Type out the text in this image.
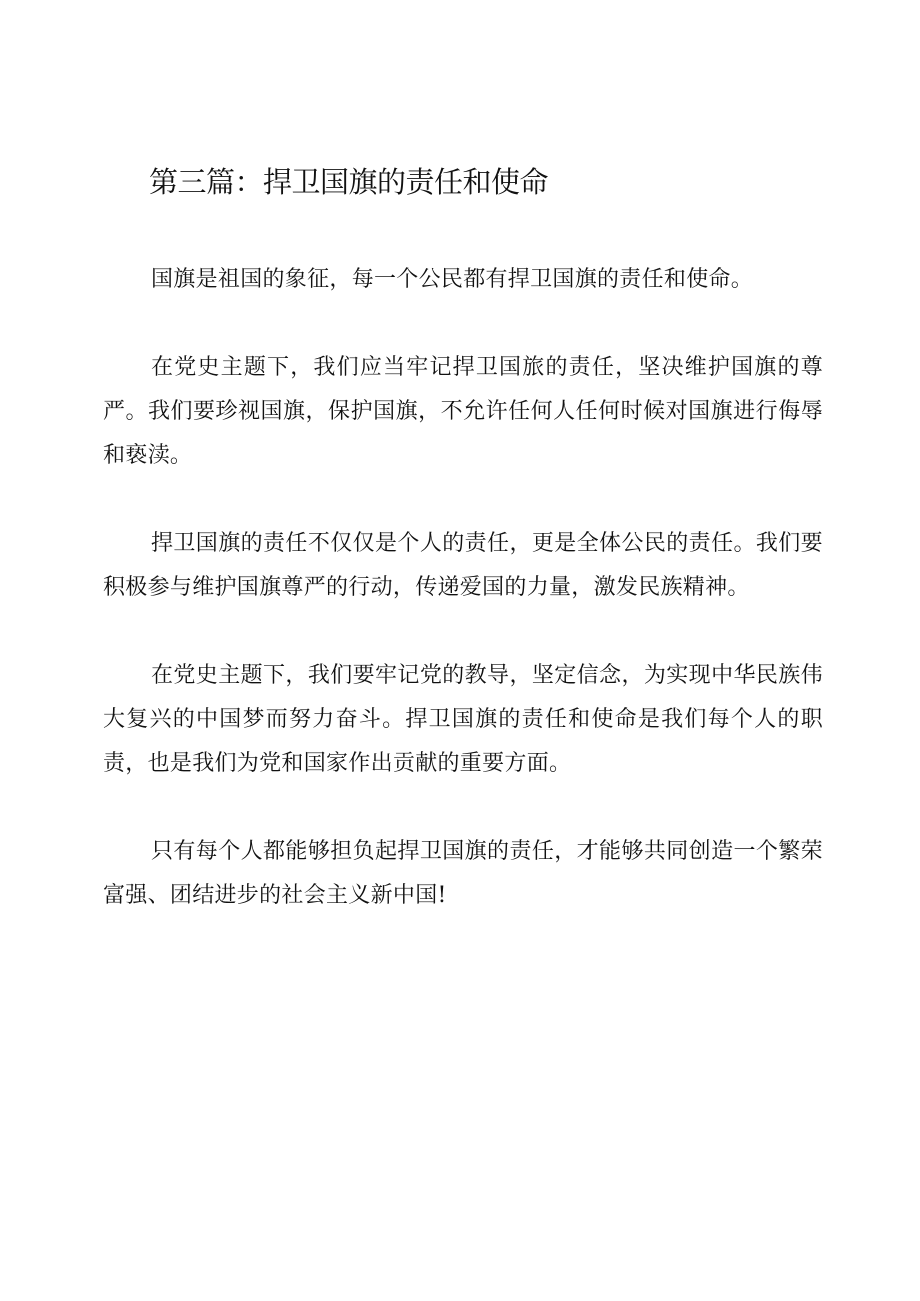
第三篇：捍卫国旗的责任和使命

国旗是祖国的象征，每一个公民都有捍卫国旗的责任和使命。

在党史主题下，我们应当牢记捍卫国旅的责任，坚决维护国旗的尊严。我们要珍视国旗，保护国旗，不允许任何人任何时候对国旗进行侮辱和亵渎。

捍卫国旗的责任不仅仅是个人的责任，更是全体公民的责任。我们要积极参与维护国旗尊严的行动，传递爱国的力量，激发民族精神。

在党史主题下，我们要牢记党的教导，坚定信念，为实现中华民族伟大复兴的中国梦而努力奋斗。捍卫国旗的责任和使命是我们每个人的职责，也是我们为党和国家作出贡献的重要方面。

只有每个人都能够担负起捍卫国旗的责任，才能够共同创造一个繁荣富强、团结进步的社会主义新中国!
